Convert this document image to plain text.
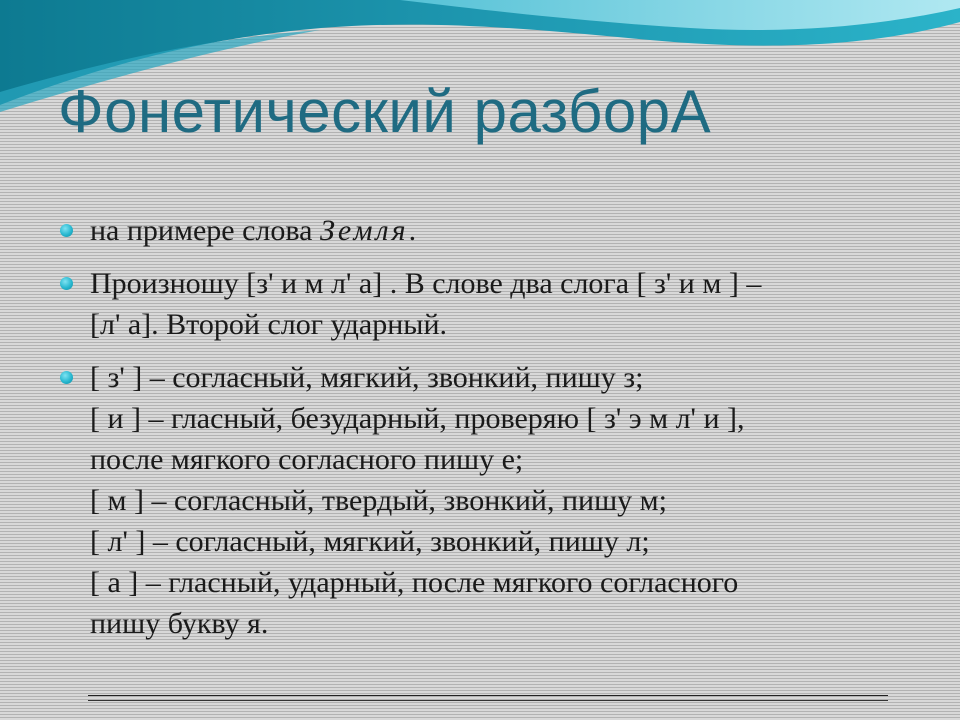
Фонетический разборА
на примере слова Земля.
Произношу [з' и м л' а] . В слове два слога [ з' и м ] –
[л' а]. Второй слог ударный.
[ з' ] – согласный, мягкий, звонкий, пишу з;
[ и ] – гласный, безударный, проверяю [ з' э м л' и ],
после мягкого согласного пишу е;
[ м ] – согласный, твердый, звонкий, пишу м;
[ л' ] – согласный, мягкий, звонкий, пишу л;
[ а ] – гласный, ударный, после мягкого согласного
пишу букву я.
